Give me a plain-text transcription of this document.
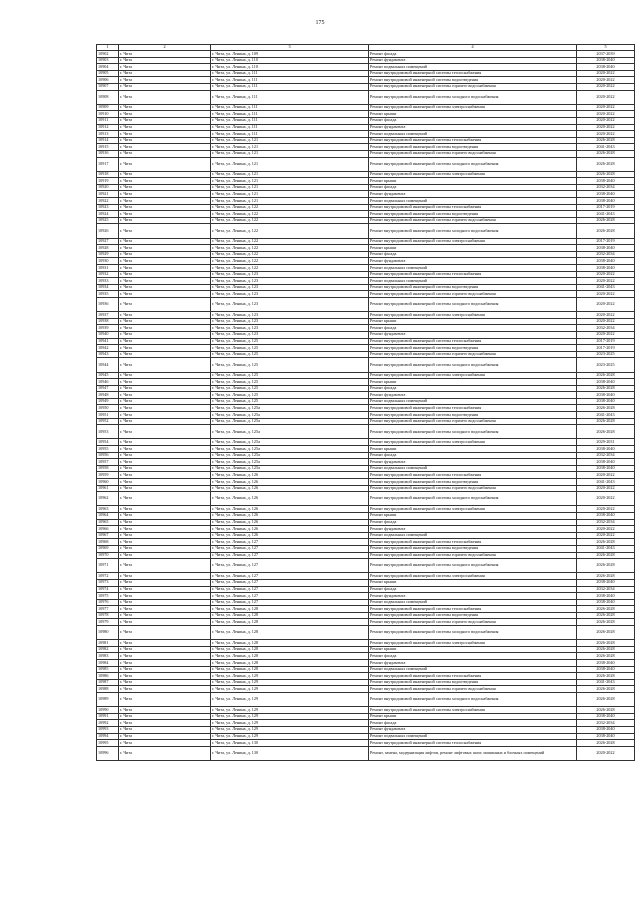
175
1	2	3	4	5
10902	г. Чита	г. Чита, ул. Ленина, д. 109	Ремонт фасада	2037-2039
10903	г. Чита	г. Чита, ул. Ленина, д. 110	Ремонт фундамента	2038-2040
10904	г. Чита	г. Чита, ул. Ленина, д. 110	Ремонт подвальных помещений	2038-2040
10905	г. Чита	г. Чита, ул. Ленина, д. 111	Ремонт внутридомовой инженерной системы теплоснабжения	2020-2022
10906	г. Чита	г. Чита, ул. Ленина, д. 111	Ремонт внутридомовой инженерной системы водоотведения	2020-2022
10907	г. Чита	г. Чита, ул. Ленина, д. 111	Ремонт внутридомовой инженерной системы горячего водоснабжения	2020-2022
10908	г. Чита	г. Чита, ул. Ленина, д. 111	Ремонт внутридомовой инженерной системы холодного водоснабжения	2020-2022
10909	г. Чита	г. Чита, ул. Ленина, д. 111	Ремонт внутридомовой инженерной системы электроснабжения	2020-2022
10910	г. Чита	г. Чита, ул. Ленина, д. 111	Ремонт крыши	2020-2022
10911	г. Чита	г. Чита, ул. Ленина, д. 111	Ремонт фасада	2020-2022
10912	г. Чита	г. Чита, ул. Ленина, д. 111	Ремонт фундамента	2020-2022
10913	г. Чита	г. Чита, ул. Ленина, д. 111	Ремонт подвальных помещений	2020-2022
10914	г. Чита	г. Чита, ул. Ленина, д. 121	Ремонт внутридомовой инженерной системы теплоснабжения	2026-2028
10915	г. Чита	г. Чита, ул. Ленина, д. 121	Ремонт внутридомовой инженерной системы водоотведения	2041-2043
10916	г. Чита	г. Чита, ул. Ленина, д. 121	Ремонт внутридомовой инженерной системы горячего водоснабжения	2026-2028
10917	г. Чита	г. Чита, ул. Ленина, д. 121	Ремонт внутридомовой инженерной системы холодного водоснабжения	2026-2028
10918	г. Чита	г. Чита, ул. Ленина, д. 121	Ремонт внутридомовой инженерной системы электроснабжения	2026-2028
10919	г. Чита	г. Чита, ул. Ленина, д. 121	Ремонт крыши	2038-2040
10920	г. Чита	г. Чита, ул. Ленина, д. 121	Ремонт фасада	2032-2034
10921	г. Чита	г. Чита, ул. Ленина, д. 121	Ремонт фундамента	2038-2040
10922	г. Чита	г. Чита, ул. Ленина, д. 121	Ремонт подвальных помещений	2038-2040
10923	г. Чита	г. Чита, ул. Ленина, д. 122	Ремонт внутридомовой инженерной системы теплоснабжения	2017-2019
10924	г. Чита	г. Чита, ул. Ленина, д. 122	Ремонт внутридомовой инженерной системы водоотведения	2041-2043
10925	г. Чита	г. Чита, ул. Ленина, д. 122	Ремонт внутридомовой инженерной системы горячего водоснабжения	2026-2028
10926	г. Чита	г. Чита, ул. Ленина, д. 122	Ремонт внутридомовой инженерной системы холодного водоснабжения	2026-2028
10927	г. Чита	г. Чита, ул. Ленина, д. 122	Ремонт внутридомовой инженерной системы электроснабжения	2017-2019
10928	г. Чита	г. Чита, ул. Ленина, д. 122	Ремонт крыши	2038-2040
10929	г. Чита	г. Чита, ул. Ленина, д. 122	Ремонт фасада	2032-2034
10930	г. Чита	г. Чита, ул. Ленина, д. 122	Ремонт фундамента	2038-2040
10931	г. Чита	г. Чита, ул. Ленина, д. 122	Ремонт подвальных помещений	2038-2040
10932	г. Чита	г. Чита, ул. Ленина, д. 123	Ремонт внутридомовой инженерной системы теплоснабжения	2020-2022
10933	г. Чита	г. Чита, ул. Ленина, д. 123	Ремонт подвальных помещений	2020-2022
10934	г. Чита	г. Чита, ул. Ленина, д. 123	Ремонт внутридомовой инженерной системы водоотведения	2041-2043
10935	г. Чита	г. Чита, ул. Ленина, д. 123	Ремонт внутридомовой инженерной системы горячего водоснабжения	2020-2022
10936	г. Чита	г. Чита, ул. Ленина, д. 123	Ремонт внутридомовой инженерной системы холодного водоснабжения	2020-2022
10937	г. Чита	г. Чита, ул. Ленина, д. 123	Ремонт внутридомовой инженерной системы электроснабжения	2020-2022
10938	г. Чита	г. Чита, ул. Ленина, д. 123	Ремонт крыши	2020-2022
10939	г. Чита	г. Чита, ул. Ленина, д. 123	Ремонт фасада	2032-2034
10940	г. Чита	г. Чита, ул. Ленина, д. 123	Ремонт фундамента	2020-2022
10941	г. Чита	г. Чита, ул. Ленина, д. 125	Ремонт внутридомовой инженерной системы теплоснабжения	2017-2019
10942	г. Чита	г. Чита, ул. Ленина, д. 125	Ремонт внутридомовой инженерной системы водоотведения	2017-2019
10943	г. Чита	г. Чита, ул. Ленина, д. 125	Ремонт внутридомовой инженерной системы горячего водоснабжения	2023-2025
10944	г. Чита	г. Чита, ул. Ленина, д. 125	Ремонт внутридомовой инженерной системы холодного водоснабжения	2023-2025
10945	г. Чита	г. Чита, ул. Ленина, д. 125	Ремонт внутридомовой инженерной системы электроснабжения	2026-2028
10946	г. Чита	г. Чита, ул. Ленина, д. 125	Ремонт крыши	2038-2040
10947	г. Чита	г. Чита, ул. Ленина, д. 125	Ремонт фасада	2026-2028
10948	г. Чита	г. Чита, ул. Ленина, д. 125	Ремонт фундамента	2038-2040
10949	г. Чита	г. Чита, ул. Ленина, д. 125	Ремонт подвальных помещений	2038-2040
10950	г. Чита	г. Чита, ул. Ленина, д. 125а	Ремонт внутридомовой инженерной системы теплоснабжения	2026-2028
10951	г. Чита	г. Чита, ул. Ленина, д. 125а	Ремонт внутридомовой инженерной системы водоотведения	2041-2043
10952	г. Чита	г. Чита, ул. Ленина, д. 125а	Ремонт внутридомовой инженерной системы горячего водоснабжения	2026-2028
10953	г. Чита	г. Чита, ул. Ленина, д. 125а	Ремонт внутридомовой инженерной системы холодного водоснабжения	2026-2028
10954	г. Чита	г. Чита, ул. Ленина, д. 125а	Ремонт внутридомовой инженерной системы электроснабжения	2029-2031
10955	г. Чита	г. Чита, ул. Ленина, д. 125а	Ремонт крыши	2038-2040
10956	г. Чита	г. Чита, ул. Ленина, д. 125а	Ремонт фасада	2032-2034
10957	г. Чита	г. Чита, ул. Ленина, д. 125а	Ремонт фундамента	2038-2040
10958	г. Чита	г. Чита, ул. Ленина, д. 125а	Ремонт подвальных помещений	2038-2040
10959	г. Чита	г. Чита, ул. Ленина, д. 126	Ремонт внутридомовой инженерной системы теплоснабжения	2020-2022
10960	г. Чита	г. Чита, ул. Ленина, д. 126	Ремонт внутридомовой инженерной системы водоотведения	2041-2043
10961	г. Чита	г. Чита, ул. Ленина, д. 126	Ремонт внутридомовой инженерной системы горячего водоснабжения	2020-2022
10962	г. Чита	г. Чита, ул. Ленина, д. 126	Ремонт внутридомовой инженерной системы холодного водоснабжения	2020-2022
10963	г. Чита	г. Чита, ул. Ленина, д. 126	Ремонт внутридомовой инженерной системы электроснабжения	2020-2022
10964	г. Чита	г. Чита, ул. Ленина, д. 126	Ремонт крыши	2038-2040
10965	г. Чита	г. Чита, ул. Ленина, д. 126	Ремонт фасада	2032-2034
10966	г. Чита	г. Чита, ул. Ленина, д. 126	Ремонт фундамента	2020-2022
10967	г. Чита	г. Чита, ул. Ленина, д. 126	Ремонт подвальных помещений	2020-2022
10968	г. Чита	г. Чита, ул. Ленина, д. 127	Ремонт внутридомовой инженерной системы теплоснабжения	2026-2028
10969	г. Чита	г. Чита, ул. Ленина, д. 127	Ремонт внутридомовой инженерной системы водоотведения	2041-2043
10970	г. Чита	г. Чита, ул. Ленина, д. 127	Ремонт внутридомовой инженерной системы горячего водоснабжения	2026-2028
10971	г. Чита	г. Чита, ул. Ленина, д. 127	Ремонт внутридомовой инженерной системы холодного водоснабжения	2026-2028
10972	г. Чита	г. Чита, ул. Ленина, д. 127	Ремонт внутридомовой инженерной системы электроснабжения	2026-2028
10973	г. Чита	г. Чита, ул. Ленина, д. 127	Ремонт крыши	2038-2040
10974	г. Чита	г. Чита, ул. Ленина, д. 127	Ремонт фасада	2032-2034
10975	г. Чита	г. Чита, ул. Ленина, д. 127	Ремонт фундамента	2038-2040
10976	г. Чита	г. Чита, ул. Ленина, д. 127	Ремонт подвальных помещений	2038-2040
10977	г. Чита	г. Чита, ул. Ленина, д. 128	Ремонт внутридомовой инженерной системы теплоснабжения	2026-2028
10978	г. Чита	г. Чита, ул. Ленина, д. 128	Ремонт внутридомовой инженерной системы водоотведения	2026-2028
10979	г. Чита	г. Чита, ул. Ленина, д. 128	Ремонт внутридомовой инженерной системы горячего водоснабжения	2026-2028
10980	г. Чита	г. Чита, ул. Ленина, д. 128	Ремонт внутридомовой инженерной системы холодного водоснабжения	2026-2028
10981	г. Чита	г. Чита, ул. Ленина, д. 128	Ремонт внутридомовой инженерной системы электроснабжения	2026-2028
10982	г. Чита	г. Чита, ул. Ленина, д. 128	Ремонт крыши	2026-2028
10983	г. Чита	г. Чита, ул. Ленина, д. 128	Ремонт фасада	2026-2028
10984	г. Чита	г. Чита, ул. Ленина, д. 128	Ремонт фундамента	2038-2040
10985	г. Чита	г. Чита, ул. Ленина, д. 128	Ремонт подвальных помещений	2038-2040
10986	г. Чита	г. Чита, ул. Ленина, д. 129	Ремонт внутридомовой инженерной системы теплоснабжения	2026-2028
10987	г. Чита	г. Чита, ул. Ленина, д. 129	Ремонт внутридомовой инженерной системы водоотведения	2041-2043
10988	г. Чита	г. Чита, ул. Ленина, д. 129	Ремонт внутридомовой инженерной системы горячего водоснабжения	2026-2028
10989	г. Чита	г. Чита, ул. Ленина, д. 129	Ремонт внутридомовой инженерной системы холодного водоснабжения	2026-2028
10990	г. Чита	г. Чита, ул. Ленина, д. 129	Ремонт внутридомовой инженерной системы электроснабжения	2026-2028
10991	г. Чита	г. Чита, ул. Ленина, д. 129	Ремонт крыши	2038-2040
10992	г. Чита	г. Чита, ул. Ленина, д. 129	Ремонт фасада	2032-2034
10993	г. Чита	г. Чита, ул. Ленина, д. 129	Ремонт фундамента	2038-2040
10994	г. Чита	г. Чита, ул. Ленина, д. 129	Ремонт подвальных помещений	2038-2040
10995	г. Чита	г. Чита, ул. Ленина, д. 130	Ремонт внутридомовой инженерной системы теплоснабжения	2026-2028
10996	г. Чита	г. Чита, ул. Ленина, д. 130	Ремонт, замена, модернизация лифтов, ремонт лифтовых шахт, машинных и блочных помещений	2020-2022
